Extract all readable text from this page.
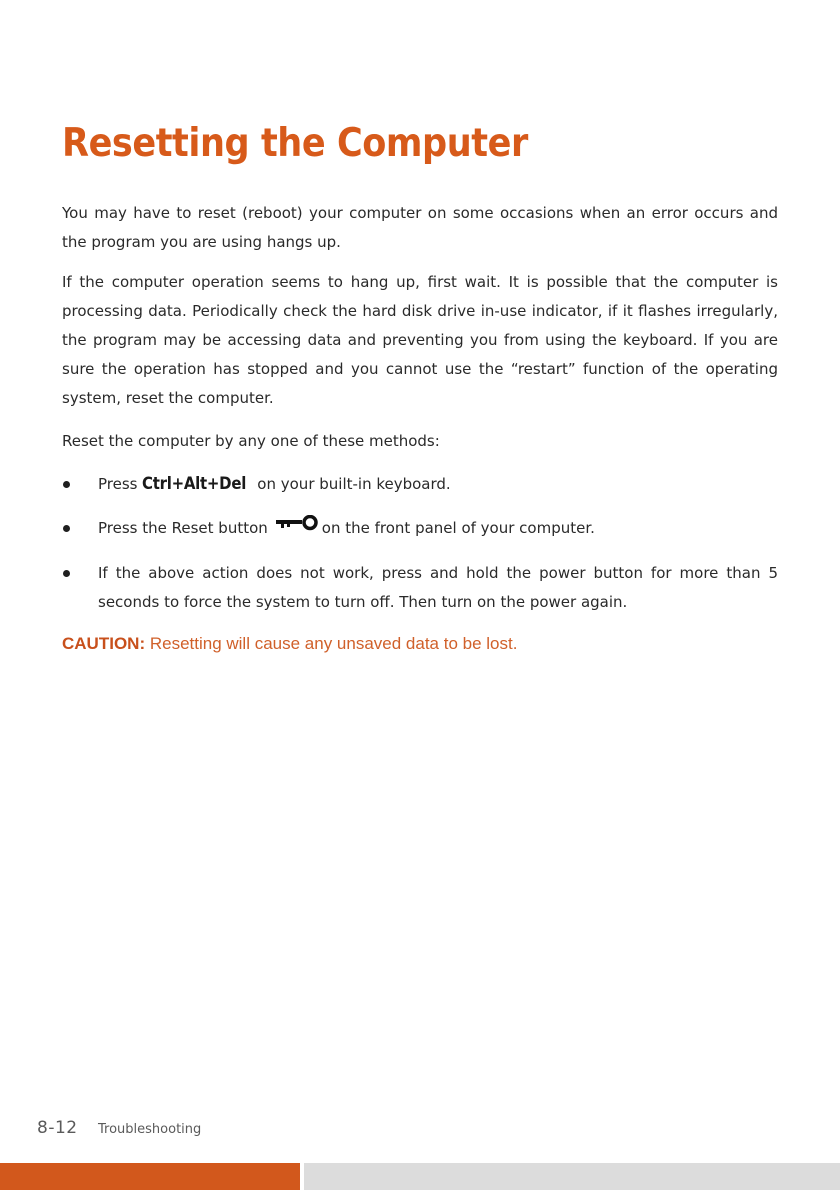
Resetting the Computer

You may have to reset (reboot) your computer on some occasions when an error occurs and the program you are using hangs up.

If the computer operation seems to hang up, first wait. It is possible that the computer is processing data. Periodically check the hard disk drive in-use indicator, if it flashes irregularly, the program may be accessing data and preventing you from using the keyboard. If you are sure the operation has stopped and you cannot use the “restart” function of the operating system, reset the computer.

Reset the computer by any one of these methods:

Press Ctrl+Alt+Del on your built-in keyboard.
Press the Reset button	on the front panel of your computer.
If the above action does not work, press and hold the power button for more than 5 seconds to force the system to turn off. Then turn on the power again.

CAUTION: Resetting will cause any unsaved data to be lost.

8-12 Troubleshooting
